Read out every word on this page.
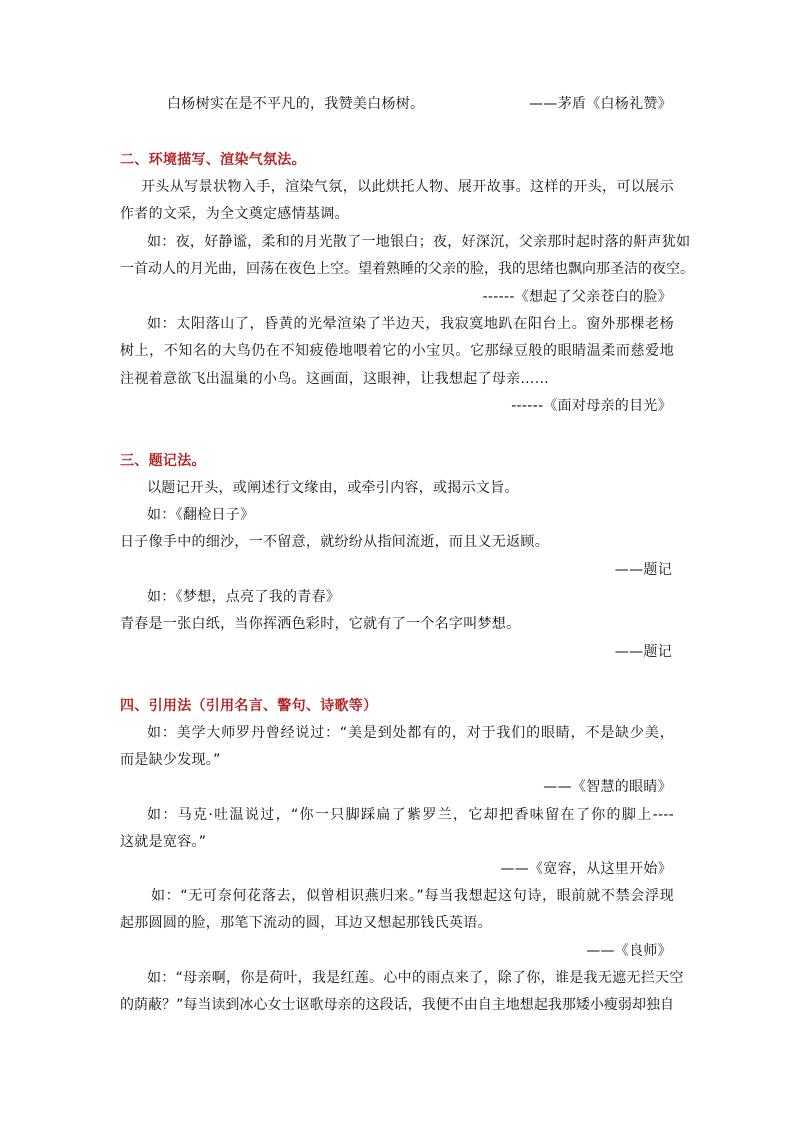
白杨树实在是不平凡的，我赞美白杨树。	——茅盾《白杨礼赞》
二、环境描写、渲染气氛法。
开头从写景状物入手，渲染气氛，以此烘托人物、展开故事。这样的开头，可以展示
作者的文采，为全文奠定感情基调。
如：夜，好静谧，柔和的月光散了一地银白；夜，好深沉，父亲那时起时落的鼾声犹如
一首动人的月光曲，回荡在夜色上空。望着熟睡的父亲的脸，我的思绪也飘向那圣洁的夜空。
------《想起了父亲苍白的脸》
如：太阳落山了，昏黄的光晕渲染了半边天，我寂寞地趴在阳台上。窗外那棵老杨
树上，不知名的大鸟仍在不知疲倦地喂着它的小宝贝。它那绿豆般的眼睛温柔而慈爱地
注视着意欲飞出温巢的小鸟。这画面，这眼神，让我想起了母亲……
------《面对母亲的目光》
三、题记法。
以题记开头，或阐述行文缘由，或牵引内容，或揭示文旨。
如：《翻检日子》
日子像手中的细沙，一不留意，就纷纷从指间流逝，而且义无返顾。
——题记
如：《梦想，点亮了我的青春》
青春是一张白纸，当你挥洒色彩时，它就有了一个名字叫梦想。
——题记
四、引用法（引用名言、警句、诗歌等）
如：美学大师罗丹曾经说过：“美是到处都有的，对于我们的眼睛，不是缺少美，
而是缺少发现。”
——《智慧的眼睛》
如：马克·吐温说过，“你一只脚踩扁了紫罗兰，它却把香味留在了你的脚上----
这就是宽容。”
——《宽容，从这里开始》
如：“无可奈何花落去，似曾相识燕归来。”每当我想起这句诗，眼前就不禁会浮现
起那圆圆的脸，那笔下流动的圆，耳边又想起那钱氏英语。
——《良师》
如：“母亲啊，你是荷叶，我是红莲。心中的雨点来了，除了你，谁是我无遮无拦天空
的荫蔽？”每当读到冰心女士讴歌母亲的这段话，我便不由自主地想起我那矮小瘦弱却独自
